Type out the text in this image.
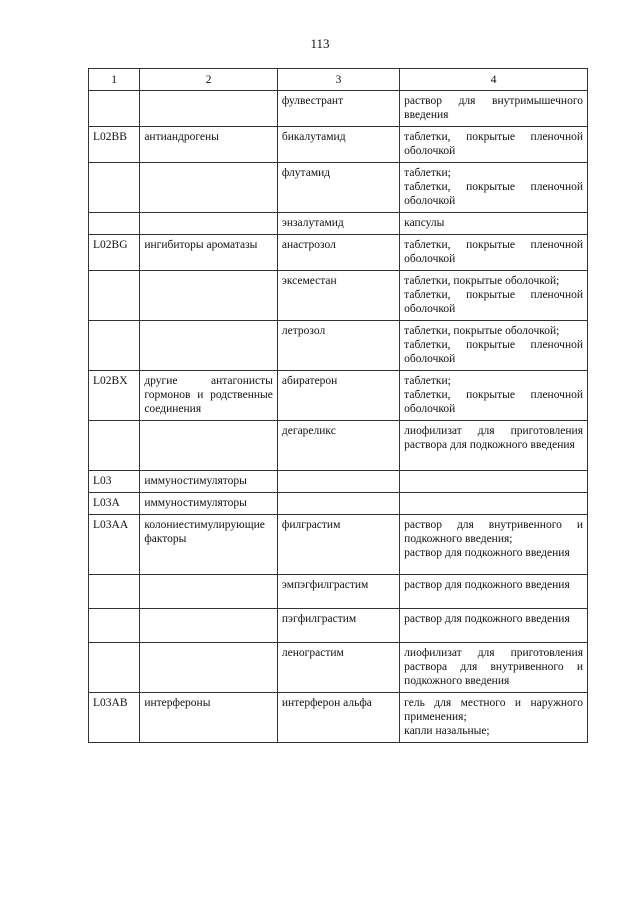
113
1	2	3	4
		фулвестрант	раствор для внутримышечного введения

L02BB	антиандрогены	бикалутамид	таблетки, покрытые пленочной оболочкой

		флутамид	таблетки;
таблетки, покрытые пленочной оболочкой

		энзалутамид	капсулы

L02BG	ингибиторы ароматазы	анастрозол	таблетки, покрытые пленочной оболочкой

		эксеместан	таблетки, покрытые оболочкой;
таблетки, покрытые пленочной оболочкой

		летрозол	таблетки, покрытые оболочкой;
таблетки, покрытые пленочной оболочкой

L02BX	другие антагонисты гормонов и родственные соединения	абиратерон	таблетки;
таблетки, покрытые пленочной оболочкой

		дегареликс	лиофилизат для приготовления раствора для подкожного введения

L03	иммуностимуляторы		

L03A	иммуностимуляторы		

L03AA	колониестимулирующие факторы	филграстим	раствор для внутривенного и подкожного введения;
раствор для подкожного введения

		эмпэгфилграстим	раствор для подкожного введения

		пэгфилграстим	раствор для подкожного введения

		ленограстим	лиофилизат для приготовления раствора для внутривенного и подкожного введения

L03AB	интерфероны	интерферон альфа	гель для местного и наружного применения;
капли назальные;
